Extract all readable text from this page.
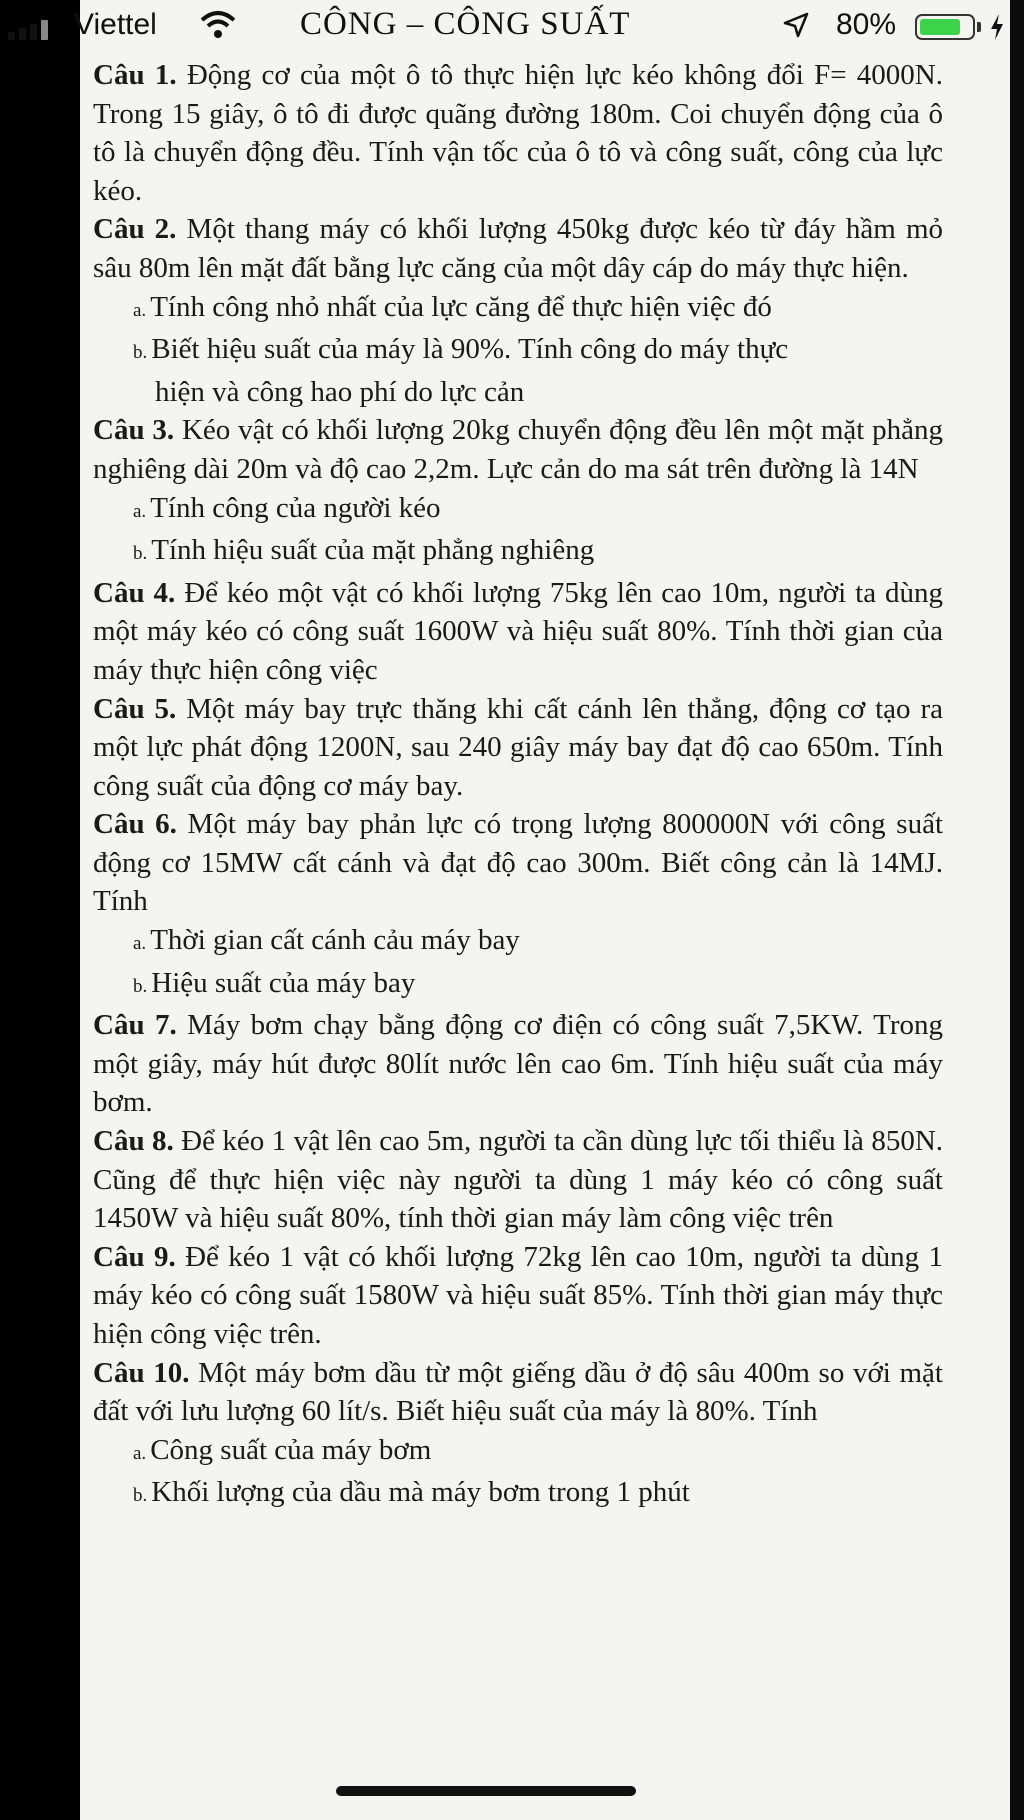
Viettel	CÔNG – CÔNG SUẤT	80%

Câu 1. Động cơ của một ô tô thực hiện lực kéo không đổi F= 4000N. Trong 15 giây, ô tô đi được quãng đường 180m. Coi chuyển động của ô tô là chuyển động đều. Tính vận tốc của ô tô và công suất, công của lực kéo.

Câu 2. Một thang máy có khối lượng 450kg được kéo từ đáy hầm mỏ sâu 80m lên mặt đất bằng lực căng của một dây cáp do máy thực hiện.

a. Tính công nhỏ nhất của lực căng để thực hiện việc đó

b. Biết hiệu suất của máy là 90%. Tính công do máy thực
hiện và công hao phí do lực cản

Câu 3. Kéo vật có khối lượng 20kg chuyển động đều lên một mặt phẳng nghiêng dài 20m và độ cao 2,2m. Lực cản do ma sát trên đường là 14N

a. Tính công của người kéo

b. Tính hiệu suất của mặt phẳng nghiêng

Câu 4. Để kéo một vật có khối lượng 75kg lên cao 10m, người ta dùng một máy kéo có công suất 1600W và hiệu suất 80%. Tính thời gian của máy thực hiện công việc

Câu 5. Một máy bay trực thăng khi cất cánh lên thẳng, động cơ tạo ra một lực phát động 1200N, sau 240 giây máy bay đạt độ cao 650m. Tính công suất của động cơ máy bay.

Câu 6. Một máy bay phản lực có trọng lượng 800000N với công suất động cơ 15MW cất cánh và đạt độ cao 300m. Biết công cản là 14MJ. Tính

a. Thời gian cất cánh cảu máy bay

b. Hiệu suất của máy bay

Câu 7. Máy bơm chạy bằng động cơ điện có công suất 7,5KW. Trong một giây, máy hút được 80lít nước lên cao 6m. Tính hiệu suất của máy bơm.

Câu 8. Để kéo 1 vật lên cao 5m, người ta cần dùng lực tối thiểu là 850N. Cũng để thực hiện việc này người ta dùng 1 máy kéo có công suất 1450W và hiệu suất 80%, tính thời gian máy làm công việc trên

Câu 9. Để kéo 1 vật có khối lượng 72kg lên cao 10m, người ta dùng 1 máy kéo có công suất 1580W và hiệu suất 85%. Tính thời gian máy thực hiện công việc trên.

Câu 10. Một máy bơm dầu từ một giếng dầu ở độ sâu 400m so với mặt đất với lưu lượng 60 lít/s. Biết hiệu suất của máy là 80%. Tính

a. Công suất của máy bơm

b. Khối lượng của dầu mà máy bơm trong 1 phút
